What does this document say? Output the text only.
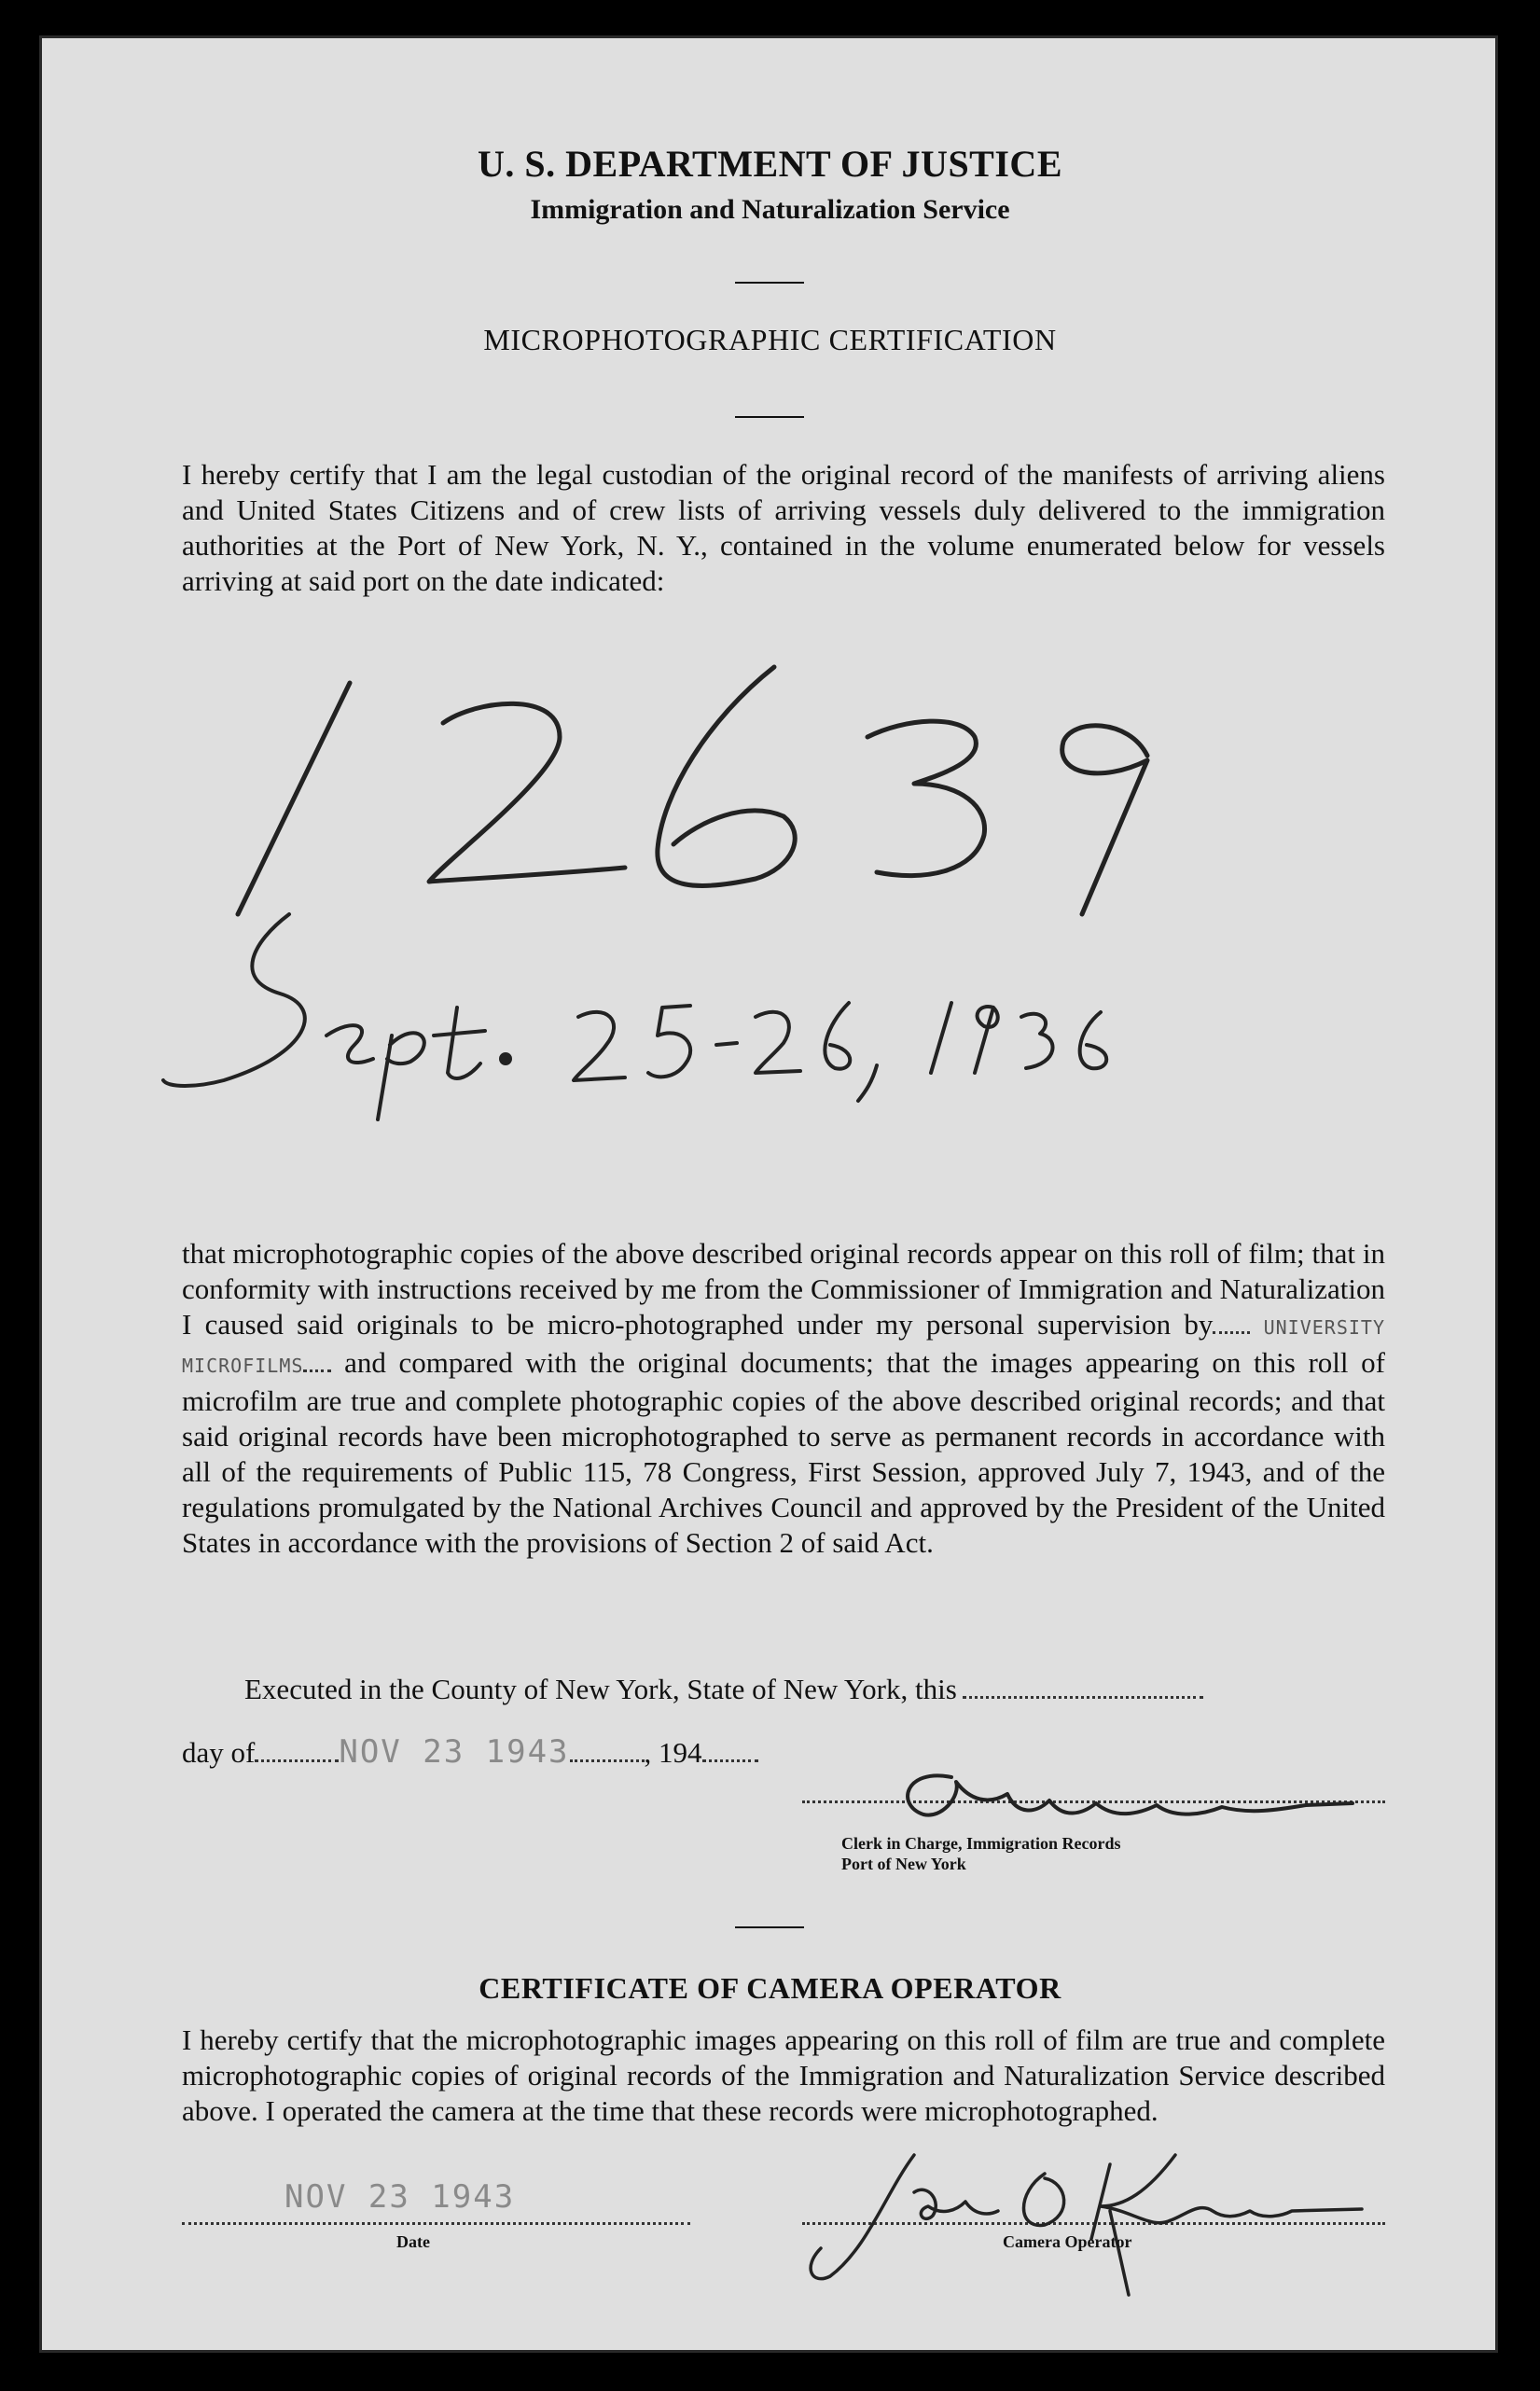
U. S. DEPARTMENT OF JUSTICE
Immigration and Naturalization Service
MICROPHOTOGRAPHIC CERTIFICATION
I hereby certify that I am the legal custodian of the original record of the manifests of arriving aliens and United States Citizens and of crew lists of arriving vessels duly delivered to the immigration authorities at the Port of New York, N. Y., contained in the volume enumerated below for vessels arriving at said port on the date indicated:
that microphotographic copies of the above described original records appear on this roll of film; that in conformity with instructions received by me from the Commissioner of Immigration and Naturalization I caused said originals to be micro-photographed under my personal supervision by	UNIVERSITY MICROFILMS and compared with the original documents; that the images appearing on this roll of microfilm are true and complete photographic copies of the above described original records; and that said original records have been microphotographed to serve as permanent records in accordance with all of the requirements of Public 115, 78 Congress, First Session, approved July 7, 1943, and of the regulations promulgated by the National Archives Council and approved by the President of the United States in accordance with the provisions of Section 2 of said Act.
Executed in the County of New York, State of New York, this
day of	NOV 23 1943	, 194
Clerk in Charge, Immigration Records
Port of New York
CERTIFICATE OF CAMERA OPERATOR
I hereby certify that the microphotographic images appearing on this roll of film are true and complete microphotographic copies of original records of the Immigration and Naturalization Service described above. I operated the camera at the time that these records were microphotographed.
NOV 23 1943
Date	Camera Operator
